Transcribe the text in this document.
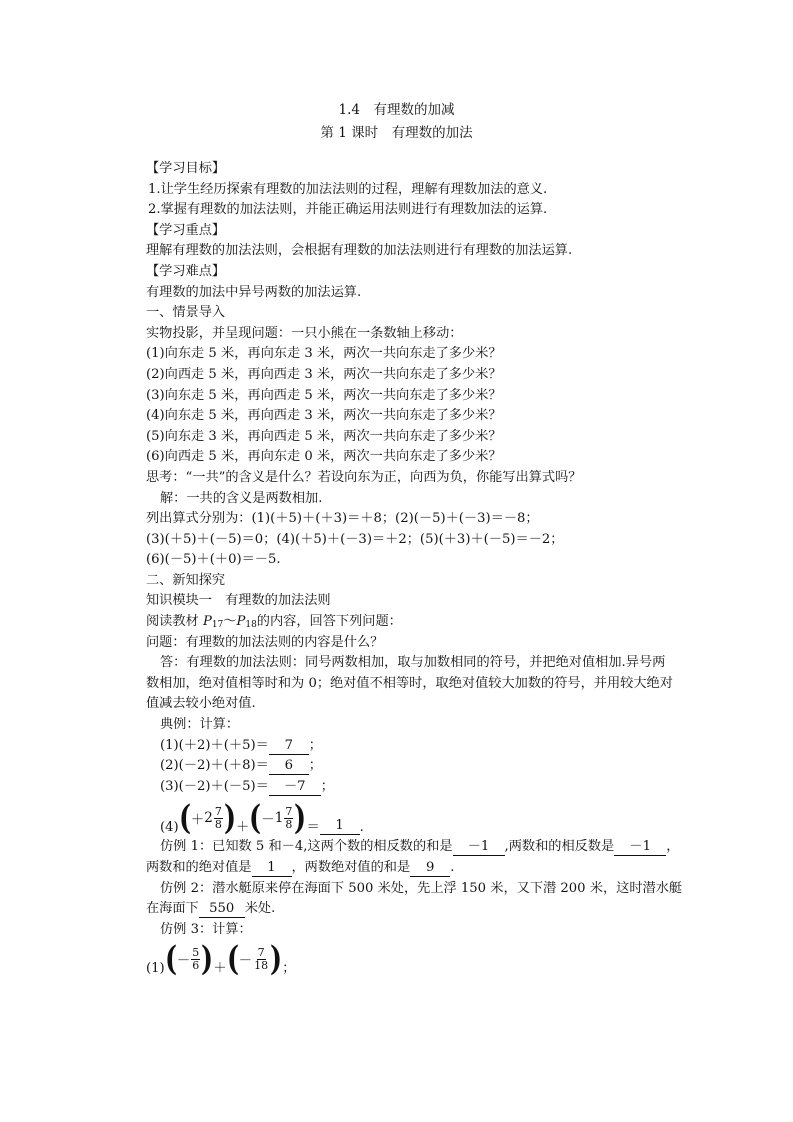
1.4　有理数的加减
第 1 课时　有理数的加法
【学习目标】
1.让学生经历探索有理数的加法法则的过程，理解有理数加法的意义.
2.掌握有理数的加法法则，并能正确运用法则进行有理数加法的运算.
【学习重点】
理解有理数的加法法则，会根据有理数的加法法则进行有理数的加法运算.
【学习难点】
有理数的加法中异号两数的加法运算.
一、情景导入
实物投影，并呈现问题：一只小熊在一条数轴上移动：
(1)向东走 5 米，再向东走 3 米，两次一共向东走了多少米？
(2)向西走 5 米，再向西走 3 米，两次一共向东走了多少米？
(3)向东走 5 米，再向西走 5 米，两次一共向东走了多少米？
(4)向东走 5 米，再向西走 3 米，两次一共向东走了多少米？
(5)向东走 3 米，再向西走 5 米，两次一共向东走了多少米？
(6)向西走 5 米，再向东走 0 米，两次一共向东走了多少米？
思考：“一共”的含义是什么？若设向东为正，向西为负，你能写出算式吗？
解：一共的含义是两数相加.
列出算式分别为：(1)(＋5)＋(＋3)＝＋8；(2)(－5)＋(－3)＝－8；
(3)(＋5)＋(－5)＝0；(4)(＋5)＋(－3)＝＋2；(5)(＋3)＋(－5)＝－2；
(6)(－5)＋(＋0)＝－5.
二、新知探究
知识模块一　有理数的加法法则
阅读教材 $P_{17}\sim P_{18}$的内容，回答下列问题：
问题：有理数的加法法则的内容是什么？
答：有理数的加法法则：同号两数相加，取与加数相同的符号，并把绝对值相加.异号两数相加，绝对值相等时和为 0；绝对值不相等时，取绝对值较大加数的符号，并用较大绝对值减去较小绝对值.
典例：计算：
(1)(＋2)＋(＋5)＝ 7 ；
(2)(－2)＋(＋8)＝ 6 ；
(3)(－2)＋(－5)＝ －7 ；
(4) ( ＋ $2 \frac{7}{8}$ ) ＋ ( － $1 \frac{7}{8}$ ) ＝	1	.
仿例 1：已知数 5 和－4,这两个数的相反数的和是 －1 ,两数和的相反数是 －1 ，
两数和的绝对值是 1 ，两数绝对值的和是 9 .
仿例 2：潜水艇原来停在海面下 500 米处，先上浮 150 米，又下潜 200 米，这时潜水艇
在海面下 550 米处.
仿例 3：计算：
(1) ( － $\frac{5}{6}$ ) ＋ ( － $\frac{7}{18}$ ) ；
